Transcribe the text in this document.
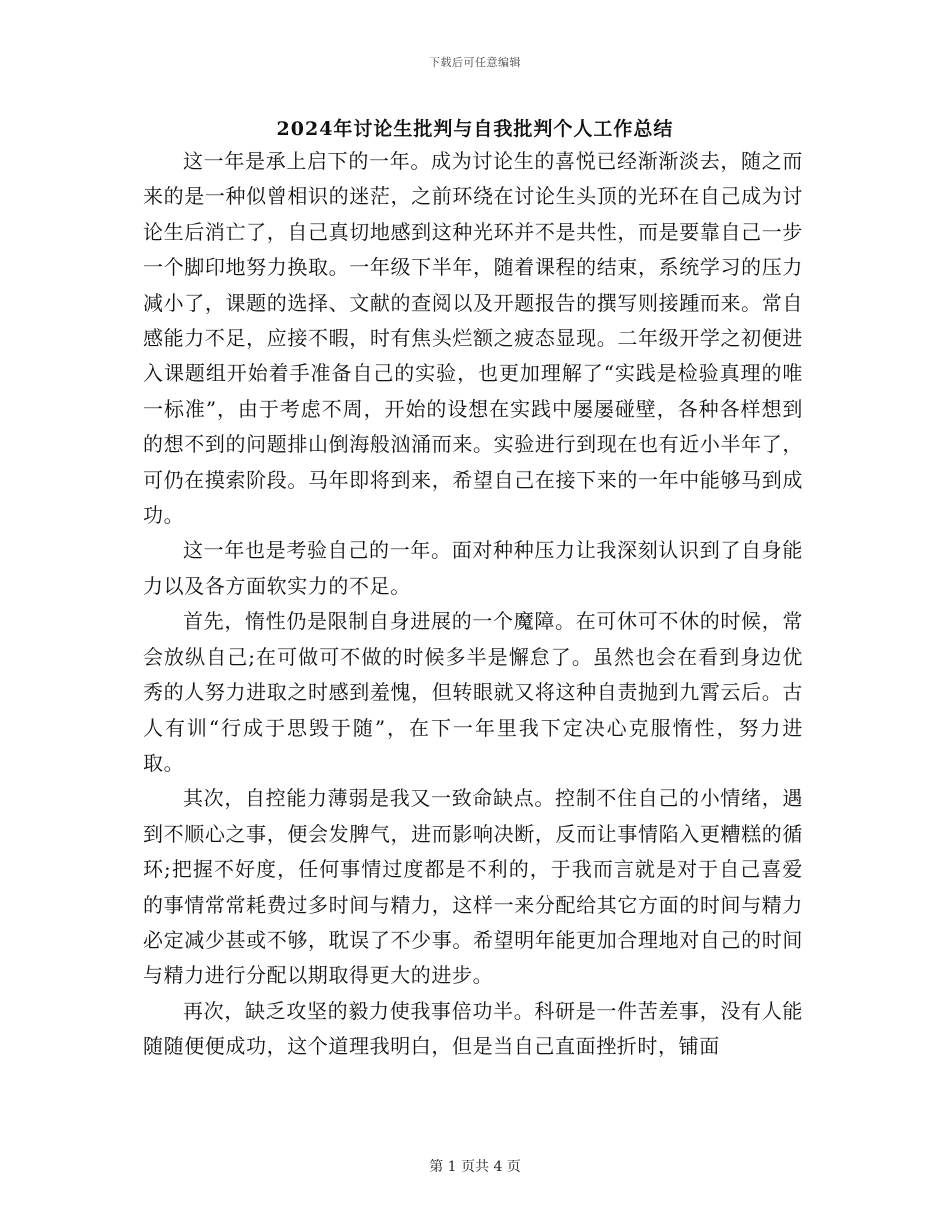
下载后可任意编辑
2024年讨论生批判与自我批判个人工作总结

这一年是承上启下的一年。成为讨论生的喜悦已经渐渐淡去，随之而来的是一种似曾相识的迷茫，之前环绕在讨论生头顶的光环在自己成为讨论生后消亡了，自己真切地感到这种光环并不是共性，而是要靠自己一步一个脚印地努力换取。一年级下半年，随着课程的结束，系统学习的压力减小了，课题的选择、文献的查阅以及开题报告的撰写则接踵而来。常自感能力不足，应接不暇，时有焦头烂额之疲态显现。二年级开学之初便进入课题组开始着手准备自己的实验，也更加理解了“实践是检验真理的唯一标准”，由于考虑不周，开始的设想在实践中屡屡碰壁，各种各样想到的想不到的问题排山倒海般汹涌而来。实验进行到现在也有近小半年了，可仍在摸索阶段。马年即将到来，希望自己在接下来的一年中能够马到成功。

这一年也是考验自己的一年。面对种种压力让我深刻认识到了自身能力以及各方面软实力的不足。

首先，惰性仍是限制自身进展的一个魔障。在可休可不休的时候，常会放纵自己;在可做可不做的时候多半是懈怠了。虽然也会在看到身边优秀的人努力进取之时感到羞愧，但转眼就又将这种自责抛到九霄云后。古人有训“行成于思毁于随”，在下一年里我下定决心克服惰性，努力进取。

其次，自控能力薄弱是我又一致命缺点。控制不住自己的小情绪，遇到不顺心之事，便会发脾气，进而影响决断，反而让事情陷入更糟糕的循环;把握不好度，任何事情过度都是不利的，于我而言就是对于自己喜爱的事情常常耗费过多时间与精力，这样一来分配给其它方面的时间与精力必定减少甚或不够，耽误了不少事。希望明年能更加合理地对自己的时间与精力进行分配以期取得更大的进步。

再次，缺乏攻坚的毅力使我事倍功半。科研是一件苦差事，没有人能随随便便成功，这个道理我明白，但是当自己直面挫折时，铺面

第 1 页共 4 页
